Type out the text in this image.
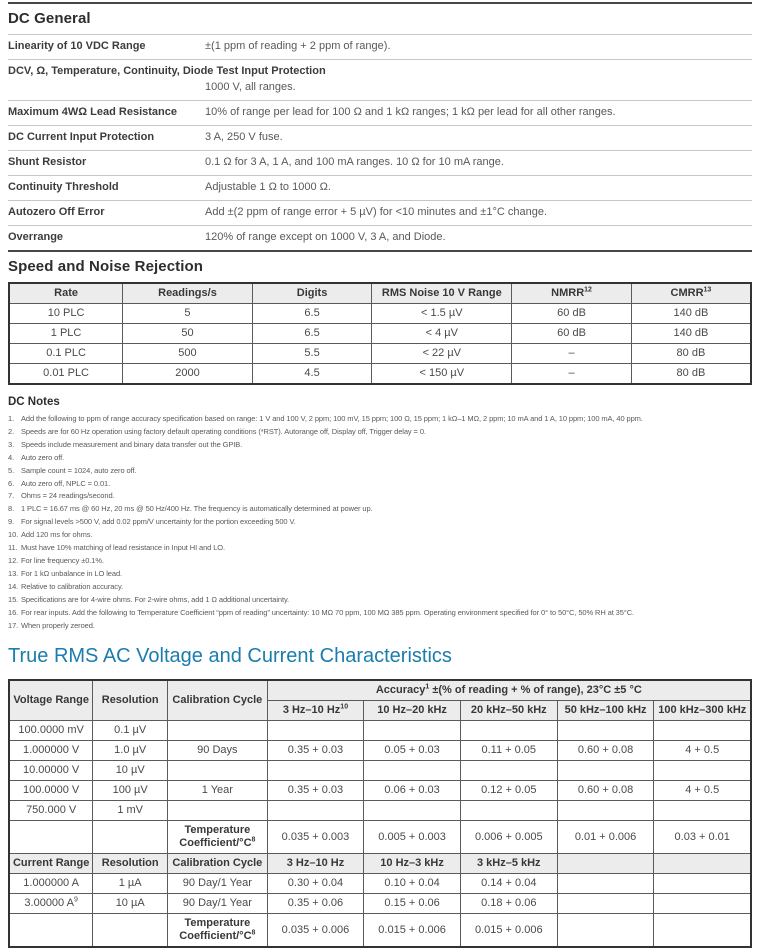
DC General
Linearity of 10 VDC Range	±(1 ppm of reading + 2 ppm of range).
DCV, Ω, Temperature, Continuity, Diode Test Input Protection
1000 V, all ranges.
Maximum 4WΩ Lead Resistance	10% of range per lead for 100 Ω and 1 kΩ ranges; 1 kΩ per lead for all other ranges.
DC Current Input Protection	3 A, 250 V fuse.
Shunt Resistor	0.1 Ω for 3 A, 1 A, and 100 mA ranges. 10 Ω for 10 mA range.
Continuity Threshold	Adjustable 1 Ω to 1000 Ω.
Autozero Off Error	Add ±(2 ppm of range error + 5 µV) for <10 minutes and ±1°C change.
Overrange	120% of range except on 1000 V, 3 A, and Diode.
Speed and Noise Rejection
Rate	Readings/s	Digits	RMS Noise 10 V Range	NMRR$^{12}$	CMRR$^{13}$
10 PLC	5	6.5	< 1.5 µV	60 dB	140 dB
1 PLC	50	6.5	< 4 µV	60 dB	140 dB
0.1 PLC	500	5.5	< 22 µV	–	80 dB
0.01 PLC	2000	4.5	< 150 µV	–	80 dB
DC Notes
1. Add the following to ppm of range accuracy specification based on range: 1 V and 100 V, 2 ppm; 100 mV, 15 ppm; 100 Ω, 15 ppm; 1 kΩ–1 MΩ, 2 ppm; 10 mA and 1 A, 10 ppm; 100 mA, 40 ppm.
2. Speeds are for 60 Hz operation using factory default operating conditions (*RST). Autorange off, Display off, Trigger delay = 0.
3. Speeds include measurement and binary data transfer out the GPIB.
4. Auto zero off.
5. Sample count = 1024, auto zero off.
6. Auto zero off, NPLC = 0.01.
7. Ohms = 24 readings/second.
8. 1 PLC = 16.67 ms @ 60 Hz, 20 ms @ 50 Hz/400 Hz. The frequency is automatically determined at power up.
9. For signal levels >500 V, add 0.02 ppm/V uncertainty for the portion exceeding 500 V.
10. Add 120 ms for ohms.
11. Must have 10% matching of lead resistance in Input HI and LO.
12. For line frequency ±0.1%.
13. For 1 kΩ unbalance in LO lead.
14. Relative to calibration accuracy.
15. Specifications are for 4-wire ohms. For 2-wire ohms, add 1 Ω additional uncertainty.
16. For rear inputs. Add the following to Temperature Coefficient “ppm of reading” uncertainty: 10 MΩ 70 ppm, 100 MΩ 385 ppm. Operating environment specified for 0° to 50°C, 50% RH at 35°C.
17. When properly zeroed.
True RMS AC Voltage and Current Characteristics
Voltage Range	Resolution	Calibration Cycle	Accuracy$^1$ ±(% of reading + % of range), 23°C ±5 °C				
			3 Hz–10 Hz$^{10}$	10 Hz–20 kHz	20 kHz–50 kHz	50 kHz–100 kHz	100 kHz–300 kHz
100.0000 mV	0.1 µV						
1.000000 V	1.0 µV	90 Days	0.35 + 0.03	0.05 + 0.03	0.11 + 0.05	0.60 + 0.08	4 + 0.5
10.00000 V	10 µV						
100.0000 V	100 µV	1 Year	0.35 + 0.03	0.06 + 0.03	0.12 + 0.05	0.60 + 0.08	4 + 0.5
750.000 V	1 mV						
		Temperature Coefficient/$^\circ C^8$	0.035 + 0.003	0.005 + 0.003	0.006 + 0.005	0.01 + 0.006	0.03 + 0.01
Current Range	Resolution	Calibration Cycle	3 Hz–10 Hz	10 Hz–3 kHz	3 kHz–5 kHz		
1.000000 A	1 µA	90 Day/1 Year	0.30 + 0.04	0.10 + 0.04	0.14 + 0.04		
3.00000 $A^9$	10 µA	90 Day/1 Year	0.35 + 0.06	0.15 + 0.06	0.18 + 0.06		
		Temperature Coefficient/$^\circ C^8$	0.035 + 0.006	0.015 + 0.006	0.015 + 0.006		
